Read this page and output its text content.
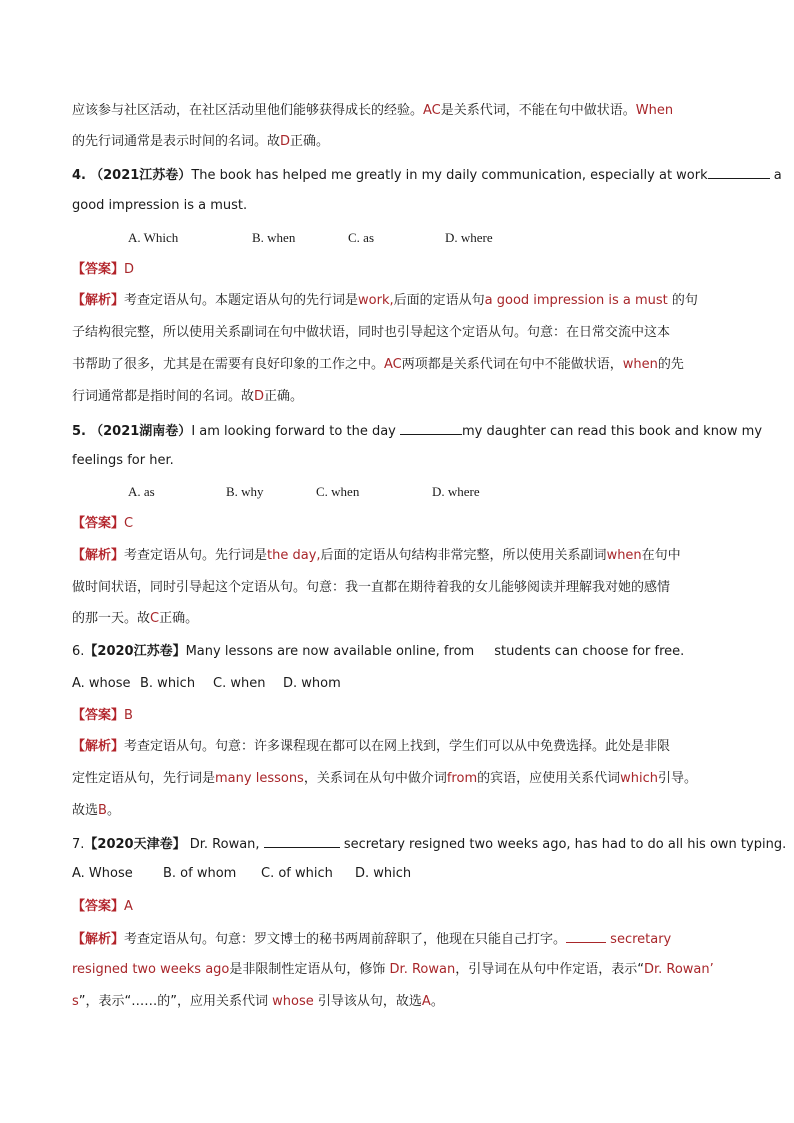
应该参与社区活动，在社区活动里他们能够获得成长的经验。AC是关系代词，不能在句中做状语。When
的先行词通常是表示时间的名词。故D正确。
4. （2021江苏卷）The book has helped me greatly in my daily communication, especially at work	a
good impression is a must.
A. Which	B. when	C. as	D. where
【答案】D
【解析】考查定语从句。本题定语从句的先行词是work,后面的定语从句a good impression is a must 的句
子结构很完整，所以使用关系副词在句中做状语，同时也引导起这个定语从句。句意：在日常交流中这本
书帮助了很多，尤其是在需要有良好印象的工作之中。AC两项都是关系代词在句中不能做状语，when的先
行词通常都是指时间的名词。故D正确。
5. （2021湖南卷）I am looking forward to the day	my daughter can read this book and know my
feelings for her.
A. as	B. why	C. when	D. where
【答案】C
【解析】考查定语从句。先行词是the day,后面的定语从句结构非常完整，所以使用关系副词when在句中
做时间状语，同时引导起这个定语从句。句意：我一直都在期待着我的女儿能够阅读并理解我对她的感情
的那一天。故C正确。
6.【2020江苏卷】Many lessons are now available online, from students can choose for free.
A. whose B. which C. when D. whom
【答案】B
【解析】考查定语从句。句意：许多课程现在都可以在网上找到，学生们可以从中免费选择。此处是非限
定性定语从句，先行词是many lessons，关系词在从句中做介词from的宾语，应使用关系代词which引导。
故选B。
7.【2020天津卷】 Dr. Rowan,	secretary resigned two weeks ago, has had to do all his own typing.
A. Whose B. of whom C. of which D. which
【答案】A
【解析】考查定语从句。句意：罗文博士的秘书两周前辞职了，他现在只能自己打字。	secretary
resigned two weeks ago是非限制性定语从句，修饰 Dr. Rowan，引导词在从句中作定语，表示“Dr. Rowan’
s”，表示“……的”，应用关系代词 whose 引导该从句，故选A。
